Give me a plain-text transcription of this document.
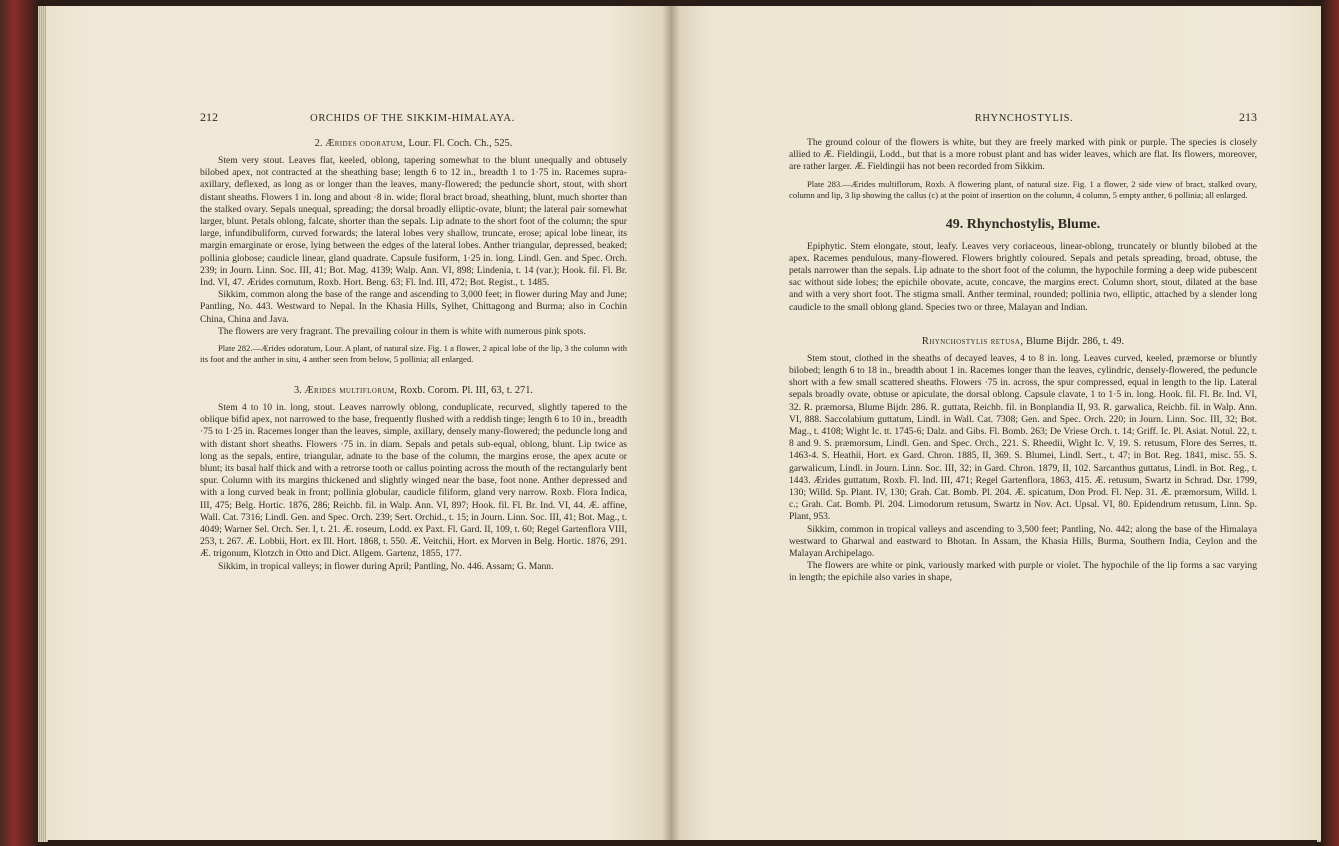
212	ORCHIDS OF THE SIKKIM-HIMALAYA.
2. Ærides odoratum, Lour. Fl. Coch. Ch., 525.

Stem very stout. Leaves flat, keeled, oblong, tapering somewhat to the blunt unequally and obtusely bilobed apex, not contracted at the sheathing base; length 6 to 12 in., breadth 1 to 1·75 in. Racemes supra-axillary, deflexed, as long as or longer than the leaves, many-flowered; the peduncle short, stout, with short distant sheaths. Flowers 1 in. long and about ·8 in. wide; floral bract broad, sheathing, blunt, much shorter than the stalked ovary. Sepals unequal, spreading; the dorsal broadly elliptic-ovate, blunt; the lateral pair somewhat larger, blunt. Petals oblong, falcate, shorter than the sepals. Lip adnate to the short foot of the column; the spur large, infundibuliform, curved forwards; the lateral lobes very shallow, truncate, erose; apical lobe linear, its margin emarginate or erose, lying between the edges of the lateral lobes. Anther triangular, depressed, beaked; pollinia globose; caudicle linear, gland quadrate. Capsule fusiform, 1·25 in. long. Lindl. Gen. and Spec. Orch. 239; in Journ. Linn. Soc. III, 41; Bot. Mag. 4139; Walp. Ann. VI, 898; Lindenia, t. 14 (var.); Hook. fil. Fl. Br. Ind. VI, 47. Ærides cornutum, Roxb. Hort. Beng. 63; Fl. Ind. III, 472; Bot. Regist., t. 1485.

Sikkim, common along the base of the range and ascending to 3,000 feet; in flower during May and June; Pantling, No. 443. Westward to Nepal. In the Khasia Hills, Sylhet, Chittagong and Burma; also in Cochin China, China and Java.

The flowers are very fragrant. The prevailing colour in them is white with numerous pink spots.

Plate 282.—Ærides odoratum, Lour. A plant, of natural size. Fig. 1 a flower, 2 apical lobe of the lip, 3 the column with its foot and the anther in situ, 4 anther seen from below, 5 pollinia; all enlarged.
3. Ærides multiflorum, Roxb. Corom. Pl. III, 63, t. 271.

Stem 4 to 10 in. long, stout. Leaves narrowly oblong, conduplicate, recurved, slightly tapered to the oblique bifid apex, not narrowed to the base, frequently flushed with a reddish tinge; length 6 to 10 in., breadth ·75 to 1·25 in. Racemes longer than the leaves, simple, axillary, densely many-flowered; the peduncle long and with distant short sheaths. Flowers ·75 in. in diam. Sepals and petals sub-equal, oblong, blunt. Lip twice as long as the sepals, entire, triangular, adnate to the base of the column, the margins erose, the apex acute or blunt; its basal half thick and with a retrorse tooth or callus pointing across the mouth of the rectangularly bent spur. Column with its margins thickened and slightly winged near the base, foot none. Anther depressed and with a long curved beak in front; pollinia globular, caudicle filiform, gland very narrow. Roxb. Flora Indica, III, 475; Belg. Hortic. 1876, 286; Reichb. fil. in Walp. Ann. VI, 897; Hook. fil. Fl. Br. Ind. VI, 44. Æ. affine, Wall. Cat. 7316; Lindl. Gen. and Spec. Orch. 239; Sert. Orchid., t. 15; in Journ. Linn. Soc. III, 41; Bot. Mag., t. 4049; Warner Sel. Orch. Ser. I, t. 21. Æ. roseum, Lodd. ex Paxt. Fl. Gard. II, 109, t. 60; Regel Gartenflora VIII, 253, t. 267. Æ. Lobbii, Hort. ex Ill. Hort. 1868, t. 550. Æ. Veitchii, Hort. ex Morven in Belg. Hortic. 1876, 291. Æ. trigonum, Klotzch in Otto and Dict. Allgem. Gartenz, 1855, 177.

Sikkim, in tropical valleys; in flower during April; Pantling, No. 446. Assam; G. Mann.

RHYNCHOSTYLIS.	213

The ground colour of the flowers is white, but they are freely marked with pink or purple. The species is closely allied to Æ. Fieldingii, Lodd., but that is a more robust plant and has wider leaves, which are flat. Its flowers, moreover, are rather larger. Æ. Fieldingii has not been recorded from Sikkim.

Plate 283.—Ærides multiflorum, Roxb. A flowering plant, of natural size. Fig. 1 a flower, 2 side view of bract, stalked ovary, column and lip, 3 lip showing the callus (c) at the point of insertion on the column, 4 column, 5 empty anther, 6 pollinia; all enlarged.
49. Rhynchostylis, Blume.

Epiphytic. Stem elongate, stout, leafy. Leaves very coriaceous, linear-oblong, truncately or bluntly bilobed at the apex. Racemes pendulous, many-flowered. Flowers brightly coloured. Sepals and petals spreading, broad, obtuse, the petals narrower than the sepals. Lip adnate to the short foot of the column, the hypochile forming a deep wide pubescent sac without side lobes; the epichile obovate, acute, concave, the margins erect. Column short, stout, dilated at the base and with a very short foot. The stigma small. Anther terminal, rounded; pollinia two, elliptic, attached by a slender long caudicle to the small oblong gland. Species two or three, Malayan and Indian.

Rhynchostylis retusa, Blume Bijdr. 286, t. 49.

Stem stout, clothed in the sheaths of decayed leaves, 4 to 8 in. long. Leaves curved, keeled, præmorse or bluntly bilobed; length 6 to 18 in., breadth about 1 in. Racemes longer than the leaves, cylindric, densely-flowered, the peduncle short with a few small scattered sheaths. Flowers ·75 in. across, the spur compressed, equal in length to the lip. Lateral sepals broadly ovate, obtuse or apiculate, the dorsal oblong. Capsule clavate, 1 to 1·5 in. long. Hook. fil. Fl. Br. Ind. VI, 32. R. præmorsa, Blume Bijdr. 286. R. guttata, Reichb. fil. in Bonplandia II, 93. R. garwalica, Reichb. fil. in Walp. Ann. VI, 888. Saccolabium guttatum, Lindl. in Wall. Cat. 7308; Gen. and Spec. Orch. 220; in Journ. Linn. Soc. III, 32; Bot. Mag., t. 4108; Wight Ic. tt. 1745-6; Dalz. and Gibs. Fl. Bomb. 263; De Vriese Orch. t. 14; Griff. Ic. Pl. Asiat. Notul. 22, t. 8 and 9. S. præmorsum, Lindl. Gen. and Spec. Orch., 221. S. Rheedii, Wight Ic. V, 19. S. retusum, Flore des Serres, tt. 1463-4. S. Heathii, Hort. ex Gard. Chron. 1885, II, 369. S. Blumei, Lindl. Sert., t. 47; in Bot. Reg. 1841, misc. 55. S. garwalicum, Lindl. in Journ. Linn. Soc. III, 32; in Gard. Chron. 1879, II, 102. Sarcanthus guttatus, Lindl. in Bot. Reg., t. 1443. Ærides guttatum, Roxb. Fl. Ind. III, 471; Regel Gartenflora, 1863, 415. Æ. retusum, Swartz in Schrad. Dsr. 1799, 130; Willd. Sp. Plant. IV, 130; Grah. Cat. Bomb. Pl. 204. Æ. spicatum, Don Prod. Fl. Nep. 31. Æ. præmorsum, Willd. l. c.; Grah. Cat. Bomb. Pl. 204. Limodorum retusum, Swartz in Nov. Act. Upsal. VI, 80. Epidendrum retusum, Linn. Sp. Plant, 953.

Sikkim, common in tropical valleys and ascending to 3,500 feet; Pantling, No. 442; along the base of the Himalaya westward to Gharwal and eastward to Bhotan. In Assam, the Khasia Hills, Burma, Southern India, Ceylon and the Malayan Archipelago.

The flowers are white or pink, variously marked with purple or violet. The hypochile of the lip forms a sac varying in length; the epichile also varies in shape,
